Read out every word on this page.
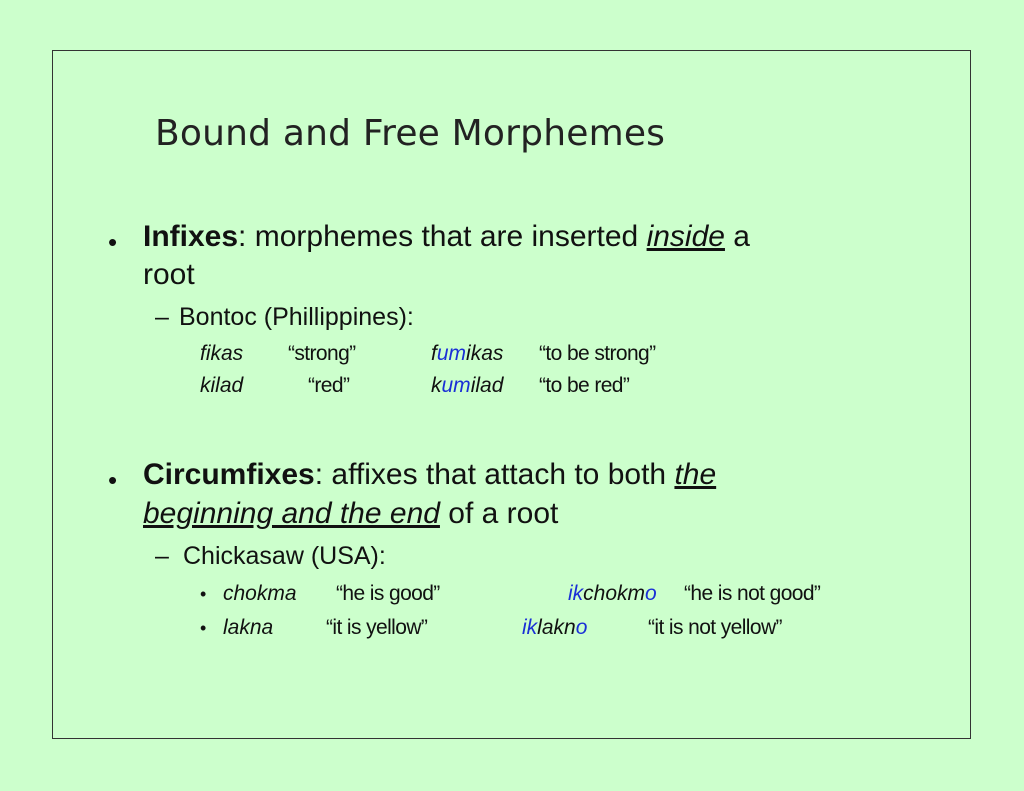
Bound and Free Morphemes
• Infixes: morphemes that are inserted inside a
root
– Bontoc (Phillippines):
fikas “strong”	fumikas “to be strong”
kilad	“red”	kumilad “to be red”
• Circumfixes: affixes that attach to both the
beginning and the end of a root
– Chickasaw (USA):
• chokma “he is good”	ikchokmo “he is not good”
• lakna	“it is yellow”	iklakno	“it is not yellow”
